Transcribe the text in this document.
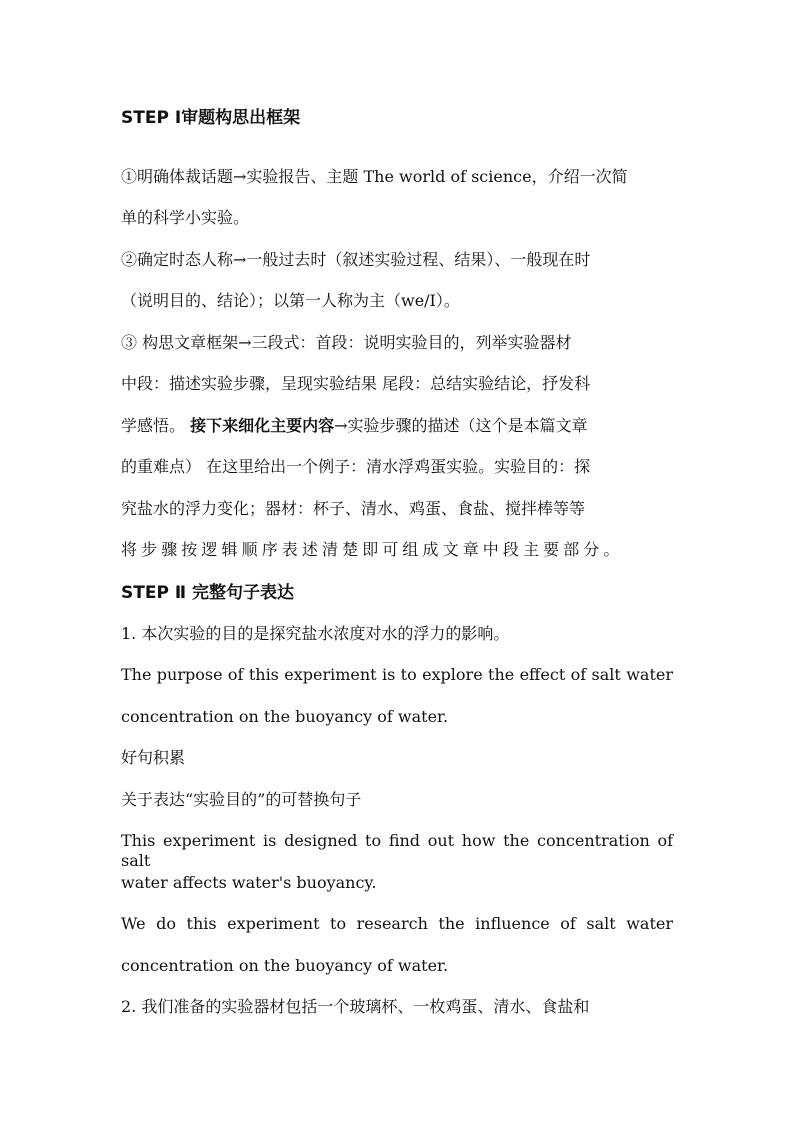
STEP Ⅰ审题构思出框架
①明确体裁话题→实验报告、主题 The world of science，介绍一次简
单的科学小实验。
②确定时态人称→一般过去时（叙述实验过程、结果）、一般现在时
（说明目的、结论）；以第一人称为主（we/I）。
③ 构思文章框架→三段式：首段：说明实验目的，列举实验器材
中段：描述实验步骤，呈现实验结果 尾段：总结实验结论，抒发科
学感悟。 接下来细化主要内容→实验步骤的描述（这个是本篇文章
的重难点） 在这里给出一个例子：清水浮鸡蛋实验。实验目的：探
究盐水的浮力变化；器材：杯子、清水、鸡蛋、食盐、搅拌棒等等
将步骤按逻辑顺序表述清楚即可组成文章中段主要部分。
STEP Ⅱ 完整句子表达
1. 本次实验的目的是探究盐水浓度对水的浮力的影响。
The purpose of this experiment is to explore the effect of salt water
concentration on the buoyancy of water.
好句积累
关于表达“实验目的”的可替换句子
This experiment is designed to find out how the concentration of salt
water affects water's buoyancy.
We do this experiment to research the influence of salt water
concentration on the buoyancy of water.
2. 我们准备的实验器材包括一个玻璃杯、一枚鸡蛋、清水、食盐和
